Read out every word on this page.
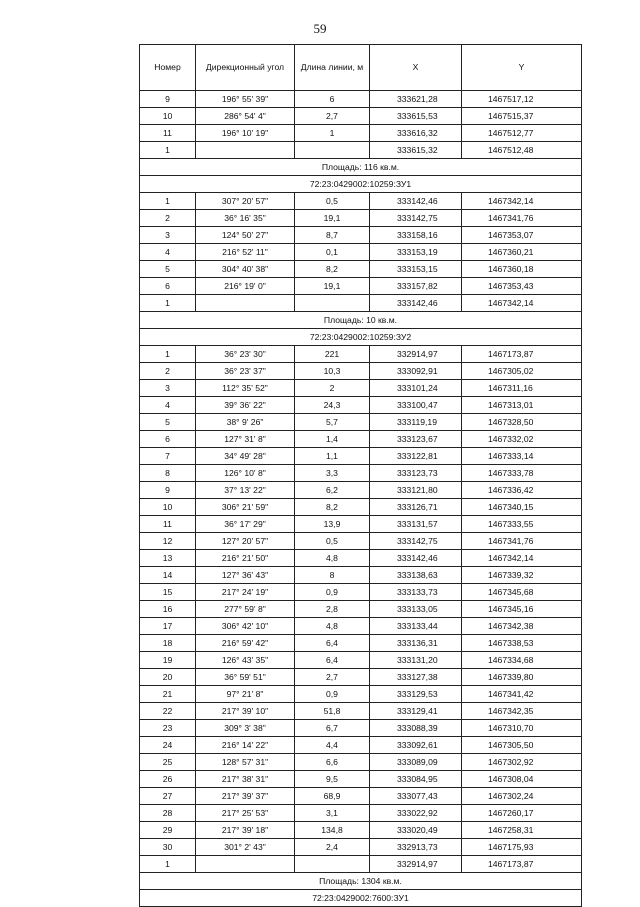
59
Номер	Дирекционный угол	Длина линии, м	X	Y
9	196° 55' 39"	6	333621,28	1467517,12
10	286° 54' 4"	2,7	333615,53	1467515,37
11	196° 10' 19"	1	333616,32	1467512,77
1			333615,32	1467512,48
Площадь: 116 кв.м.				
72:23:0429002:10259:ЗУ1				
1	307° 20' 57"	0,5	333142,46	1467342,14
2	36° 16' 35"	19,1	333142,75	1467341,76
3	124° 50' 27"	8,7	333158,16	1467353,07
4	216° 52' 11"	0,1	333153,19	1467360,21
5	304° 40' 38"	8,2	333153,15	1467360,18
6	216° 19' 0"	19,1	333157,82	1467353,43
1			333142,46	1467342,14
Площадь: 10 кв.м.				
72:23:0429002:10259:ЗУ2				
1	36° 23' 30"	221	332914,97	1467173,87
2	36° 23' 37"	10,3	333092,91	1467305,02
3	112° 35' 52"	2	333101,24	1467311,16
4	39° 36' 22"	24,3	333100,47	1467313,01
5	38° 9' 26"	5,7	333119,19	1467328,50
6	127° 31' 8"	1,4	333123,67	1467332,02
7	34° 49' 28"	1,1	333122,81	1467333,14
8	126° 10' 8"	3,3	333123,73	1467333,78
9	37° 13' 22"	6,2	333121,80	1467336,42
10	306° 21' 59"	8,2	333126,71	1467340,15
11	36° 17' 29"	13,9	333131,57	1467333,55
12	127° 20' 57"	0,5	333142,75	1467341,76
13	216° 21' 50"	4,8	333142,46	1467342,14
14	127° 36' 43"	8	333138,63	1467339,32
15	217° 24' 19"	0,9	333133,73	1467345,68
16	277° 59' 8"	2,8	333133,05	1467345,16
17	306° 42' 10"	4,8	333133,44	1467342,38
18	216° 59' 42"	6,4	333136,31	1467338,53
19	126° 43' 35"	6,4	333131,20	1467334,68
20	36° 59' 51"	2,7	333127,38	1467339,80
21	97° 21' 8"	0,9	333129,53	1467341,42
22	217° 39' 10"	51,8	333129,41	1467342,35
23	309° 3' 38"	6,7	333088,39	1467310,70
24	216° 14' 22"	4,4	333092,61	1467305,50
25	128° 57' 31"	6,6	333089,09	1467302,92
26	217° 38' 31"	9,5	333084,95	1467308,04
27	217° 39' 37"	68,9	333077,43	1467302,24
28	217° 25' 53"	3,1	333022,92	1467260,17
29	217° 39' 18"	134,8	333020,49	1467258,31
30	301° 2' 43"	2,4	332913,73	1467175,93
1			332914,97	1467173,87
Площадь: 1304 кв.м.				
72:23:0429002:7600:ЗУ1				
